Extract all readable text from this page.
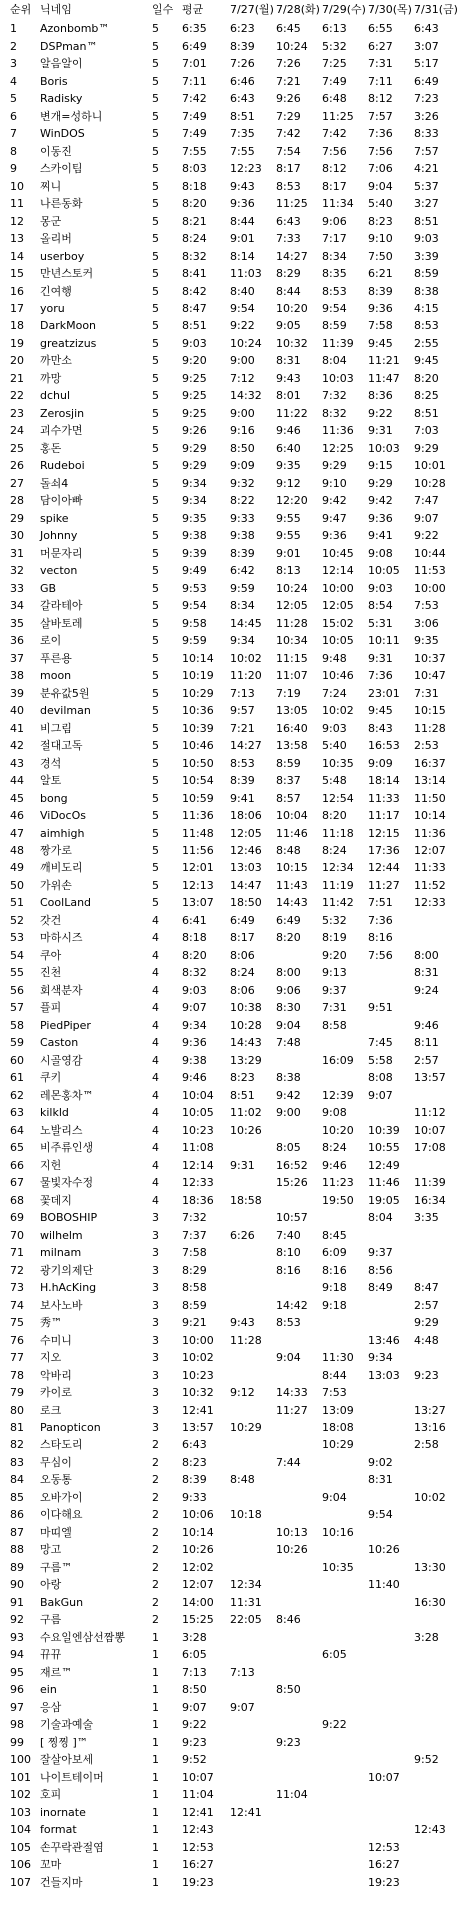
순위	닉네임	일수	평균	7/27(월)	7/28(화)	7/29(수)	7/30(목)	7/31(금)
1	Azonbomb™	5	6:35	6:23	6:45	6:13	6:55	6:43
2	DSPman™	5	6:49	8:39	10:24	5:32	6:27	3:07
3	알음알이	5	7:01	7:26	7:26	7:25	7:31	5:17
4	Boris	5	7:11	6:46	7:21	7:49	7:11	6:49
5	Radisky	5	7:42	6:43	9:26	6:48	8:12	7:23
6	변개=성하니	5	7:49	8:51	7:29	11:25	7:57	3:26
7	WinDOS	5	7:49	7:35	7:42	7:42	7:36	8:33
8	이동진	5	7:55	7:55	7:54	7:56	7:56	7:57
9	스카이팀	5	8:03	12:23	8:17	8:12	7:06	4:21
10	찌니	5	8:18	9:43	8:53	8:17	9:04	5:37
11	나른동화	5	8:20	9:36	11:25	11:34	5:40	3:27
12	몽군	5	8:21	8:44	6:43	9:06	8:23	8:51
13	올리버	5	8:24	9:01	7:33	7:17	9:10	9:03
14	userboy	5	8:32	8:14	14:27	8:34	7:50	3:39
15	만년스토커	5	8:41	11:03	8:29	8:35	6:21	8:59
16	긴여행	5	8:42	8:40	8:44	8:53	8:39	8:38
17	yoru	5	8:47	9:54	10:20	9:54	9:36	4:15
18	DarkMoon	5	8:51	9:22	9:05	8:59	7:58	8:53
19	greatzizus	5	9:03	10:24	10:32	11:39	9:45	2:55
20	까만소	5	9:20	9:00	8:31	8:04	11:21	9:45
21	까망	5	9:25	7:12	9:43	10:03	11:47	8:20
22	dchul	5	9:25	14:32	8:01	7:32	8:36	8:25
23	Zerosjin	5	9:25	9:00	11:22	8:32	9:22	8:51
24	괴수가면	5	9:26	9:16	9:46	11:36	9:31	7:03
25	홍돈	5	9:29	8:50	6:40	12:25	10:03	9:29
26	Rudeboi	5	9:29	9:09	9:35	9:29	9:15	10:01
27	돌쇠4	5	9:34	9:32	9:12	9:10	9:29	10:28
28	담이아빠	5	9:34	8:22	12:20	9:42	9:42	7:47
29	spike	5	9:35	9:33	9:55	9:47	9:36	9:07
30	Johnny	5	9:38	9:38	9:55	9:36	9:41	9:22
31	머문자리	5	9:39	8:39	9:01	10:45	9:08	10:44
32	vecton	5	9:49	6:42	8:13	12:14	10:05	11:53
33	GB	5	9:53	9:59	10:24	10:00	9:03	10:00
34	갈라테아	5	9:54	8:34	12:05	12:05	8:54	7:53
35	살바토레	5	9:58	14:45	11:28	15:02	5:31	3:06
36	로이	5	9:59	9:34	10:34	10:05	10:11	9:35
37	푸른용	5	10:14	10:02	11:15	9:48	9:31	10:37
38	moon	5	10:19	11:20	11:07	10:46	7:36	10:47
39	분유값5원	5	10:29	7:13	7:19	7:24	23:01	7:31
40	devilman	5	10:36	9:57	13:05	10:02	9:45	10:15
41	비그림	5	10:39	7:21	16:40	9:03	8:43	11:28
42	절대고독	5	10:46	14:27	13:58	5:40	16:53	2:53
43	경석	5	10:50	8:53	8:59	10:35	9:09	16:37
44	알토	5	10:54	8:39	8:37	5:48	18:14	13:14
45	bong	5	10:59	9:41	8:57	12:54	11:33	11:50
46	ViDocOs	5	11:36	18:06	10:04	8:20	11:17	10:14
47	aimhigh	5	11:48	12:05	11:46	11:18	12:15	11:36
48	짱가로	5	11:56	12:46	8:48	8:24	17:36	12:07
49	깨비도리	5	12:01	13:03	10:15	12:34	12:44	11:33
50	가위손	5	12:13	14:47	11:43	11:19	11:27	11:52
51	CoolLand	5	13:07	18:50	14:43	11:42	7:51	12:33
52	갓건	4	6:41	6:49	6:49	5:32	7:36	
53	마하시즈	4	8:18	8:17	8:20	8:19	8:16	
54	쿠아	4	8:20	8:06		9:20	7:56	8:00
55	진천	4	8:32	8:24	8:00	9:13		8:31
56	회색분자	4	9:03	8:06	9:06	9:37		9:24
57	플피	4	9:07	10:38	8:30	7:31	9:51	
58	PiedPiper	4	9:34	10:28	9:04	8:58		9:46
59	Caston	4	9:36	14:43	7:48		7:45	8:11
60	시골영감	4	9:38	13:29		16:09	5:58	2:57
61	쿠키	4	9:46	8:23	8:38		8:08	13:57
62	레몬홍차™	4	10:04	8:51	9:42	12:39	9:07	
63	kilkld	4	10:05	11:02	9:00	9:08		11:12
64	노발리스	4	10:23	10:26		10:20	10:39	10:07
65	비주류인생	4	11:08		8:05	8:24	10:55	17:08
66	지헌	4	12:14	9:31	16:52	9:46	12:49	
67	물빛자수정	4	12:33		15:26	11:23	11:46	11:39
68	꽃데지	4	18:36	18:58		19:50	19:05	16:34
69	BOBOSHIP	3	7:32		10:57		8:04	3:35
70	wilhelm	3	7:37	6:26	7:40	8:45		
71	milnam	3	7:58		8:10	6:09	9:37	
72	광기의제단	3	8:29		8:16	8:16	8:56	
73	H.hAcKing	3	8:58			9:18	8:49	8:47
74	보사노바	3	8:59		14:42	9:18		2:57
75	秀™	3	9:21	9:43	8:53			9:29
76	수미니	3	10:00	11:28			13:46	4:48
77	지오	3	10:02		9:04	11:30	9:34	
78	악바리	3	10:23			8:44	13:03	9:23
79	카이로	3	10:32	9:12	14:33	7:53		
80	로크	3	12:41		11:27	13:09		13:27
81	Panopticon	3	13:57	10:29		18:08		13:16
82	스타도리	2	6:43			10:29		2:58
83	무심이	2	8:23		7:44		9:02	
84	오동통	2	8:39	8:48			8:31	
85	오바가이	2	9:33			9:04		10:02
86	이다해요	2	10:06	10:18			9:54	
87	마띠엘	2	10:14		10:13	10:16		
88	망고	2	10:26		10:26		10:26	
89	구름™	2	12:02			10:35		13:30
90	아랑	2	12:07	12:34			11:40	
91	BakGun	2	14:00	11:31				16:30
92	구름	2	15:25	22:05	8:46			
93	수요일엔삼선짬뽕	1	3:28					3:28
94	뀨뀨	1	6:05			6:05		
95	재르™	1	7:13	7:13				
96	ein	1	8:50		8:50			
97	응삼	1	9:07	9:07				
98	기술과예술	1	9:22			9:22		
99	[ 찡찡 ]™	1	9:23		9:23			
100	잘살아보세	1	9:52					9:52
101	나이트테이머	1	10:07				10:07	
102	호피	1	11:04		11:04			
103	inornate	1	12:41	12:41				
104	format	1	12:43					12:43
105	손꾸락관절염	1	12:53				12:53	
106	꼬마	1	16:27				16:27	
107	건들지마	1	19:23				19:23	
